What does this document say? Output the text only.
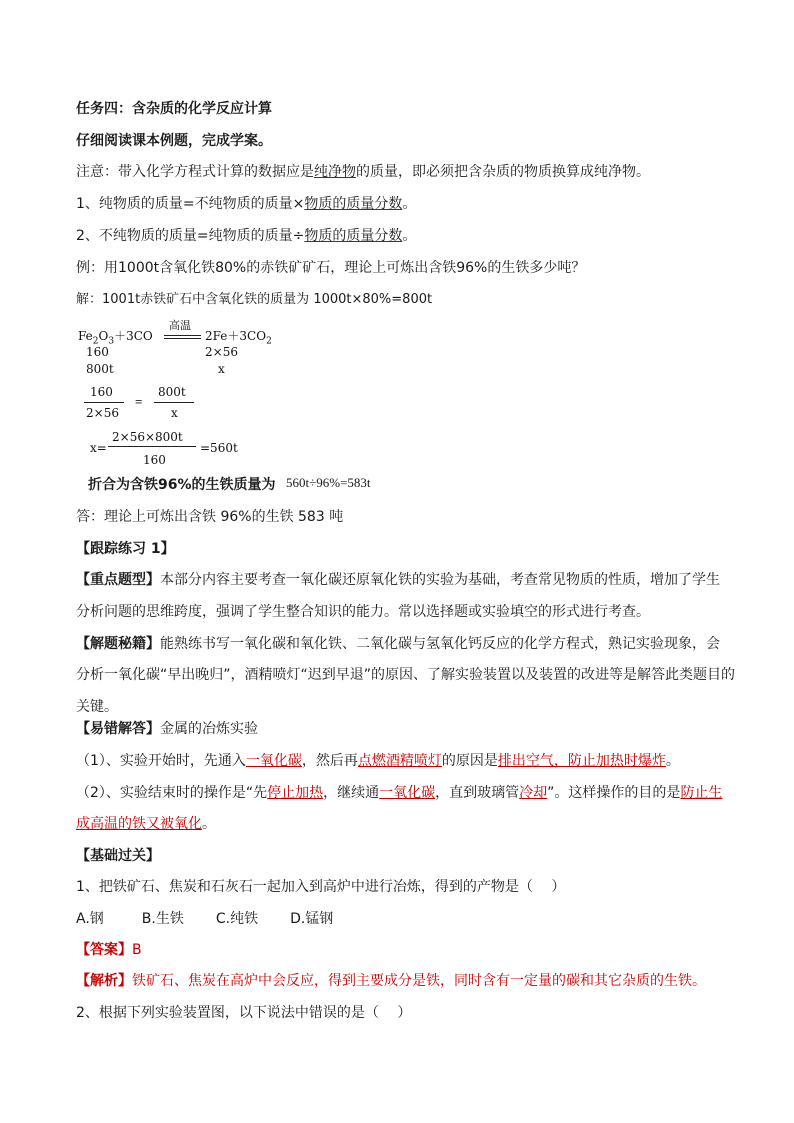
任务四：含杂质的化学反应计算
仔细阅读课本例题，完成学案。
注意：带入化学方程式计算的数据应是纯净物的质量，即必须把含杂质的物质换算成纯净物。
1、纯物质的质量=不纯物质的质量×物质的质量分数。
2、不纯物质的质量=纯物质的质量÷物质的质量分数。
例：用1000t含氧化铁80%的赤铁矿矿石，理论上可炼出含铁96%的生铁多少吨？
解：1001t赤铁矿石中含氧化铁的质量为 1000t×80%=800t
$Fe_2O_3+3CO$
高温
$2Fe+3CO_2$
160	2×56
800t	x
160
2×56
=
800t
x
x=
2×56×800t
160
=560t
折合为含铁96%的生铁质量为 560t÷96%=583t
答：理论上可炼出含铁 96%的生铁 583 吨
【跟踪练习 1】
【重点题型】本部分内容主要考查一氧化碳还原氧化铁的实验为基础，考查常见物质的性质，增加了学生
分析问题的思维跨度，强调了学生整合知识的能力。常以选择题或实验填空的形式进行考查。
【解题秘籍】能熟练书写一氧化碳和氧化铁、二氧化碳与氢氧化钙反应的化学方程式，熟记实验现象，会
分析一氧化碳“早出晚归”，酒精喷灯“迟到早退”的原因、了解实验装置以及装置的改进等是解答此类题目的
关键。
【易错解答】金属的冶炼实验
（1）、实验开始时，先通入一氧化碳，然后再点燃酒精喷灯的原因是排出空气，防止加热时爆炸。
（2）、实验结束时的操作是“先停止加热，继续通一氧化碳，直到玻璃管冷却”。这样操作的目的是防止生
成高温的铁又被氧化。
【基础过关】
1、把铁矿石、焦炭和石灰石一起加入到高炉中进行冶炼，得到的产物是（　 ）
A.钢	B.生铁 C.纯铁 D.锰钢
【答案】B
【解析】铁矿石、焦炭在高炉中会反应，得到主要成分是铁，同时含有一定量的碳和其它杂质的生铁。
2、根据下列实验装置图，以下说法中错误的是（　 ）
